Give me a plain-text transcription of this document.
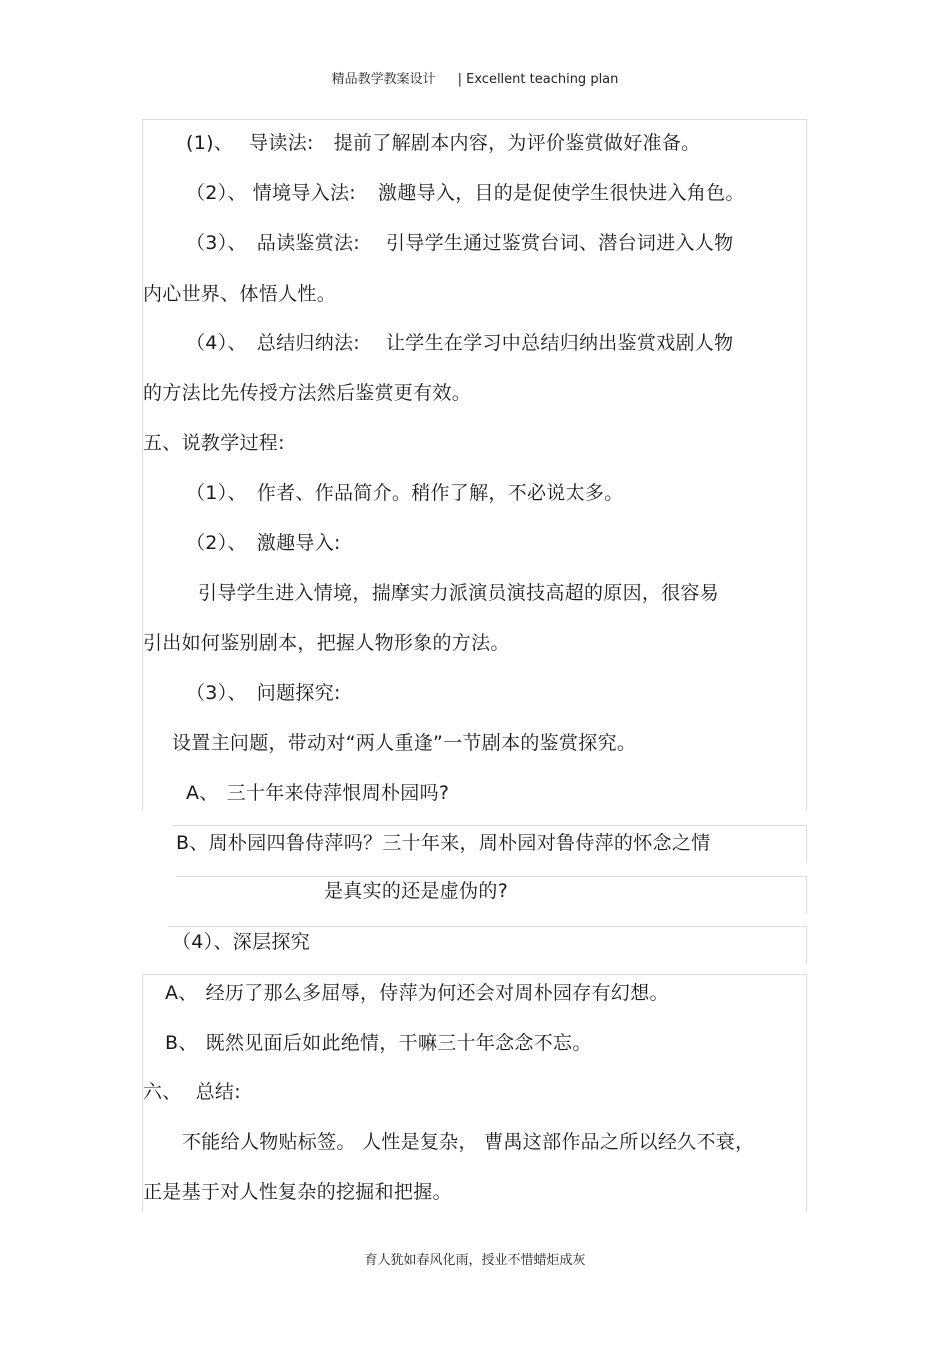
精品教学教案设计 | Excellent teaching plan
(1)、 导读法: 提前了解剧本内容，为评价鉴赏做好准备。
（2）、 情境导入法: 激趣导入，目的是促使学生很快进入角色。
（3）、 品读鉴赏法: 引导学生通过鉴赏台词、潜台词进入人物
内心世界、体悟人性。
（4）、 总结归纳法: 让学生在学习中总结归纳出鉴赏戏剧人物
的方法比先传授方法然后鉴赏更有效。
五、说教学过程:
（1）、 作者、作品简介。稍作了解，不必说太多。
（2）、 激趣导入:
引导学生进入情境，揣摩实力派演员演技高超的原因，很容易
引出如何鉴别剧本，把握人物形象的方法。
（3）、 问题探究:
设置主问题，带动对“两人重逢”一节剧本的鉴赏探究。
A、 三十年来侍萍恨周朴园吗?
B、周朴园四鲁侍萍吗？三十年来，周朴园对鲁侍萍的怀念之情
是真实的还是虚伪的?
（4）、深层探究
A、 经历了那么多屈辱，侍萍为何还会对周朴园存有幻想。
B、 既然见面后如此绝情，干嘛三十年念念不忘。
六、 总结:
不能给人物贴标签。 人性是复杂， 曹禺这部作品之所以经久不衰，
正是基于对人性复杂的挖掘和把握。
育人犹如春风化雨，授业不惜蜡炬成灰
